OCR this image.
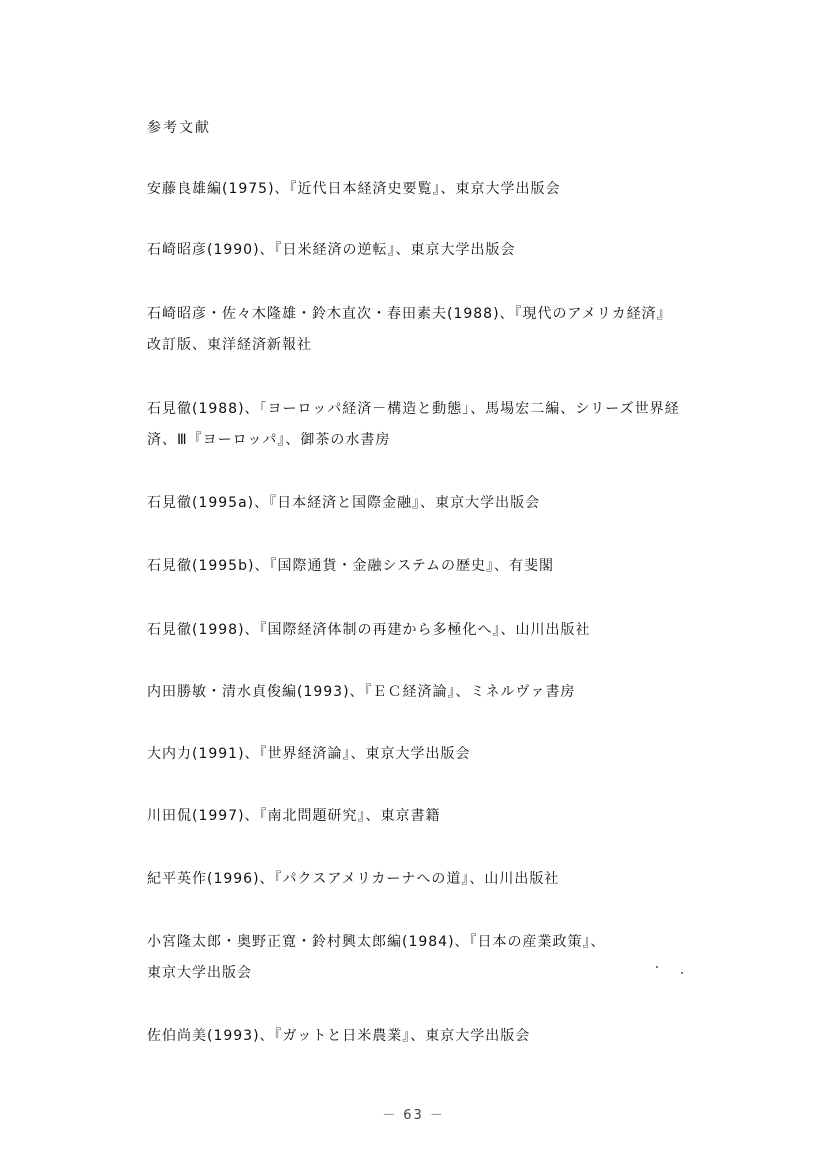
参考文献
安藤良雄編(1975)、『近代日本経済史要覧』、東京大学出版会
石崎昭彦(1990)、『日米経済の逆転』、東京大学出版会
石崎昭彦・佐々木隆雄・鈴木直次・春田素夫(1988)、『現代のアメリカ経済』
改訂版、東洋経済新報社
石見徹(1988)、「ヨーロッパ経済－構造と動態」、馬場宏二編、シリーズ世界経
済、Ⅲ『ヨーロッパ』、御茶の水書房
石見徹(1995a)、『日本経済と国際金融』、東京大学出版会
石見徹(1995b)、『国際通貨・金融システムの歴史』、有斐閣
石見徹(1998)、『国際経済体制の再建から多極化へ』、山川出版社
内田勝敏・清水貞俊編(1993)、『ＥＣ経済論』、ミネルヴァ書房
大内力(1991)、『世界経済論』、東京大学出版会
川田侃(1997)、『南北問題研究』、東京書籍
紀平英作(1996)、『パクスアメリカーナへの道』、山川出版社
小宮隆太郎・奥野正寛・鈴村興太郎編(1984)、『日本の産業政策』、
東京大学出版会
佐伯尚美(1993)、『ガットと日米農業』、東京大学出版会
－ 63 －
